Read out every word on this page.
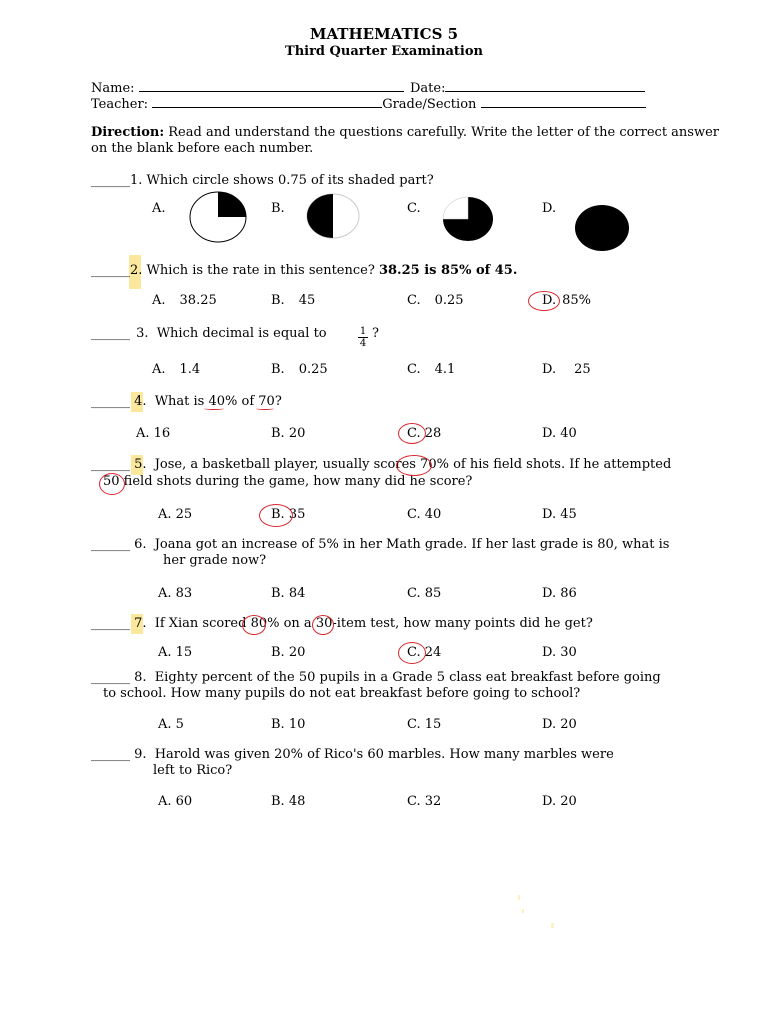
MATHEMATICS 5
Third Quarter Examination
Name:	Date:
Teacher:	Grade/Section
Direction: Read and understand the questions carefully. Write the letter of the correct answer
on the blank before each number.
______1. Which circle shows 0.75 of its shaded part?
A.	B.	C.	D.
______2. Which is the rate in this sentence? 38.25 is 85% of 45.
A. 38.25	B. 45	C. 0.25	D. 85%
______ 3. Which decimal is equal to	$\frac{1}{4}$ ?
A. 1.4	B. 0.25	C. 4.1	D. 25
______ 4. What is 40% of 70?
A. 16	B. 20	C. 28	D. 40
______ 5. Jose, a basketball player, usually scores 70% of his field shots. If he attempted
50 field shots during the game, how many did he score?
A. 25	B. 35	C. 40	D. 45
______ 6. Joana got an increase of 5% in her Math grade. If her last grade is 80, what is
her grade now?
A. 83	B. 84	C. 85	D. 86
______ 7. If Xian scored 80% on a 30-item test, how many points did he get?
A. 15	B. 20	C. 24	D. 30
______ 8. Eighty percent of the 50 pupils in a Grade 5 class eat breakfast before going
to school. How many pupils do not eat breakfast before going to school?
A. 5	B. 10	C. 15	D. 20
______ 9. Harold was given 20% of Rico's 60 marbles. How many marbles were
left to Rico?
A. 60	B. 48	C. 32	D. 20
